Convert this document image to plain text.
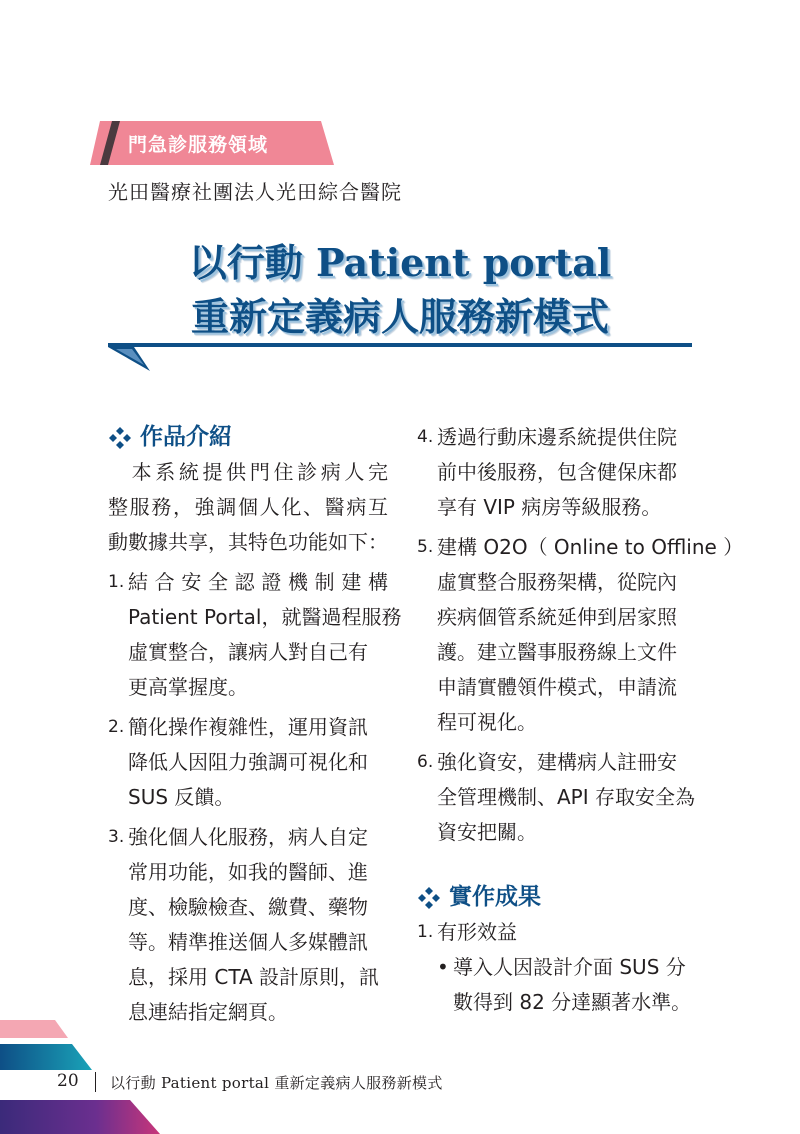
門急診服務領域
光田醫療社團法人光田綜合醫院
以行動 Patient portal
重新定義病人服務新模式
作品介紹
　本系統提供門住診病人完
整服務，強調個人化、醫病互
動數據共享，其特色功能如下：
1. 結合安全認證機制建構
Patient Portal，就醫過程服務
虛實整合，讓病人對自己有
更高掌握度。
2. 簡化操作複雜性，運用資訊
降低人因阻力強調可視化和
SUS 反饋。
3. 強化個人化服務，病人自定
常用功能，如我的醫師、進
度、檢驗檢查、繳費、藥物
等。精準推送個人多媒體訊
息，採用 CTA 設計原則，訊
息連結指定網頁。
4. 透過行動床邊系統提供住院
前中後服務，包含健保床都
享有 VIP 病房等級服務。
5. 建構 O2O（ Online to Offline ）
虛實整合服務架構，從院內
疾病個管系統延伸到居家照
護。建立醫事服務線上文件
申請實體領件模式，申請流
程可視化。
6. 強化資安，建構病人註冊安
全管理機制、API 存取安全為
資安把關。
實作成果
1. 有形效益
• 導入人因設計介面 SUS 分
數得到 82 分達顯著水準。
20 以行動 Patient portal 重新定義病人服務新模式
